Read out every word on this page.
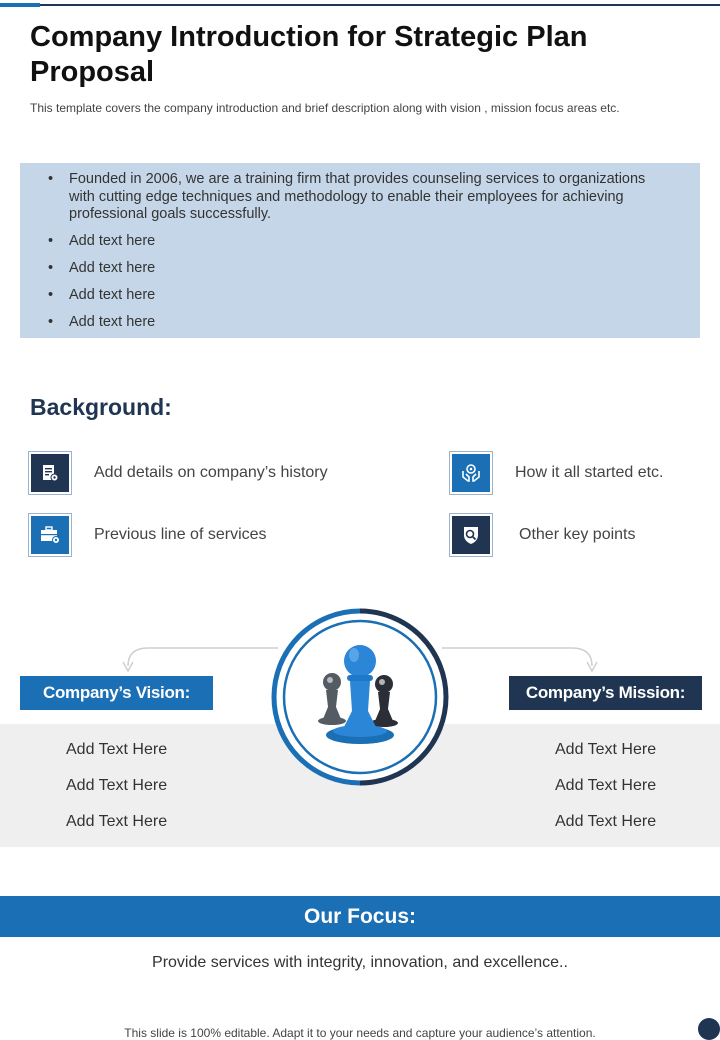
Company Introduction for Strategic Plan Proposal

This template covers the company introduction and brief description along with vision , mission focus areas etc.

• Founded in 2006, we are a training firm that provides counseling services to organizations with cutting edge techniques and methodology to enable their employees for achieving professional goals successfully.
• Add text here
• Add text here
• Add text here
• Add text here
Background:
Add details on company’s history	How it all started etc.
Previous line of services	Other key points
Company’s Vision:	Company’s Mission:
Add Text Here
Add Text Here
Add Text Here
Add Text Here
Add Text Here
Add Text Here
Our Focus:

Provide services with integrity, innovation, and excellence..

This slide is 100% editable. Adapt it to your needs and capture your audience’s attention.
